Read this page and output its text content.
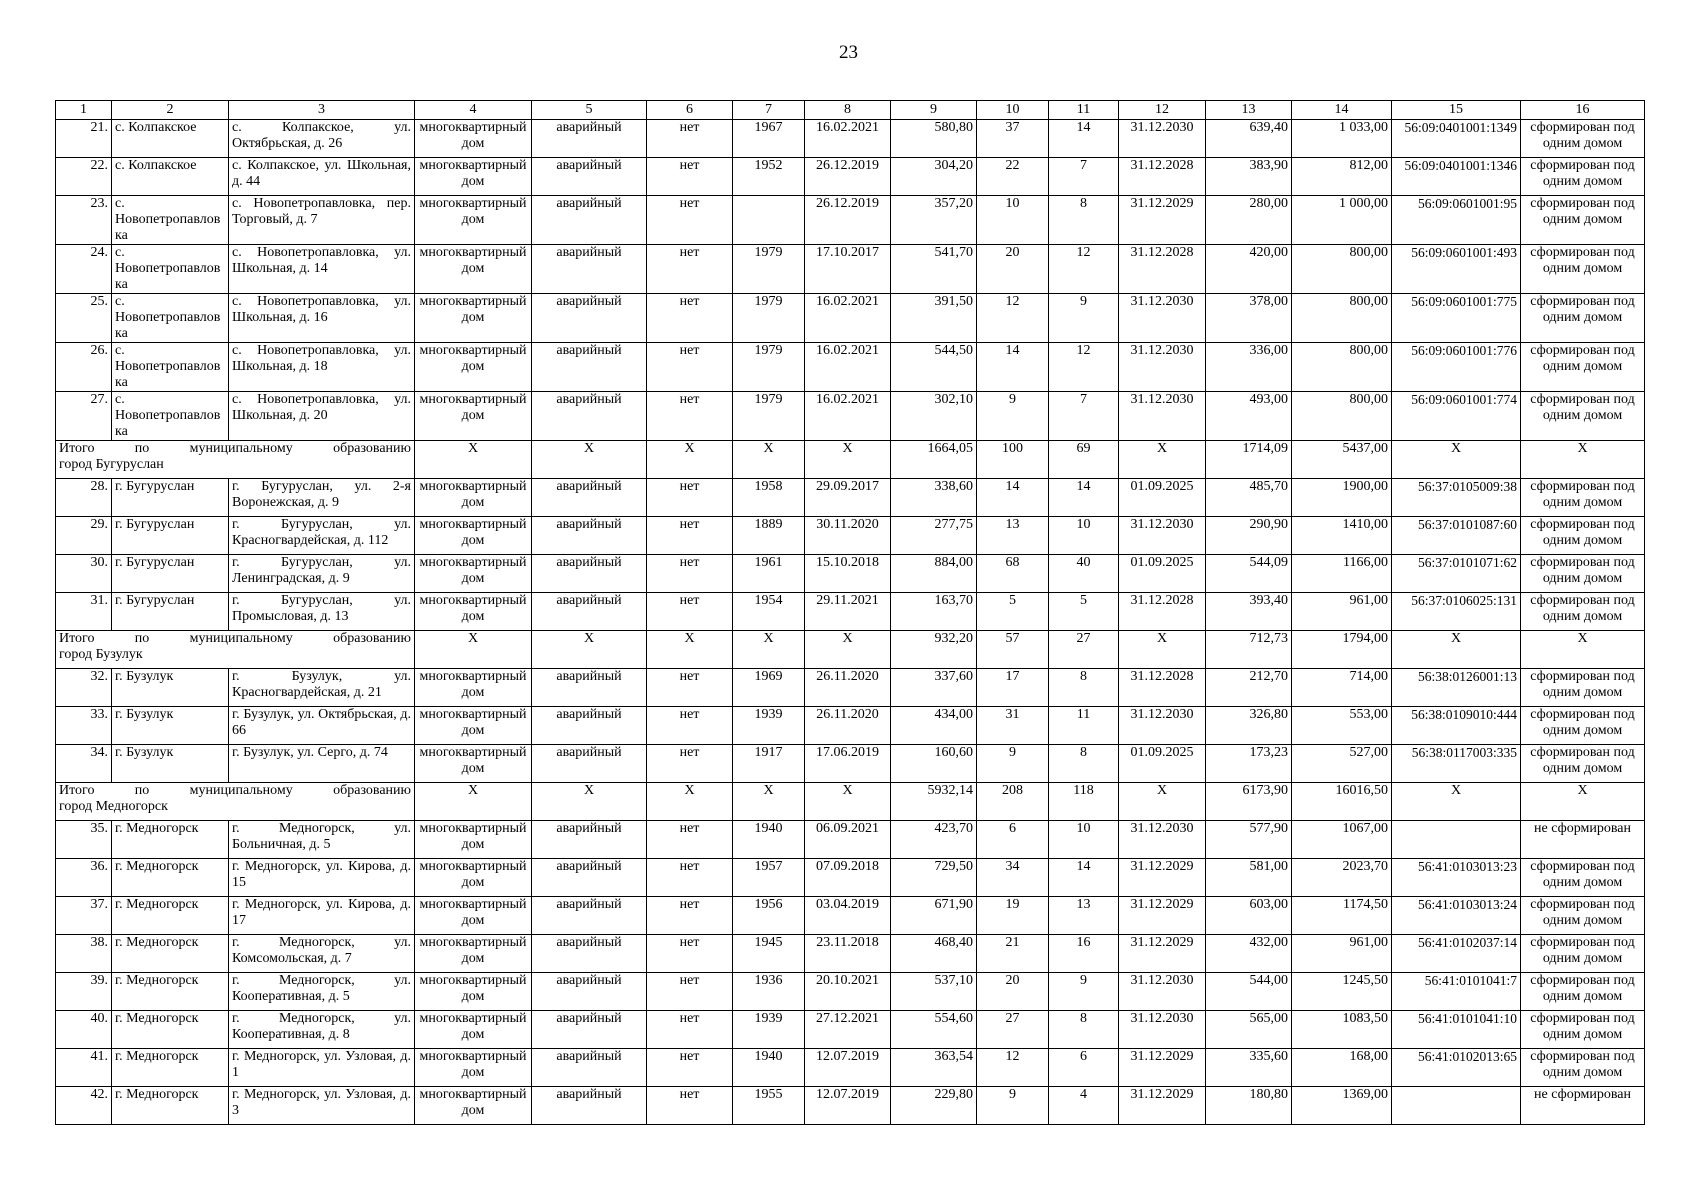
23
1	2	3	4	5	6	7	8	9	10	11	12	13	14	15	16
21.	с. Колпакское	с. Колпакское, ул. Октябрьская, д. 26	многоквартирный дом	аварийный	нет	1967	16.02.2021	580,80	37	14	31.12.2030	639,40	1 033,00	56:09:0401001:1349	сформирован под одним домом
22.	с. Колпакское	с. Колпакское, ул. Школьная, д. 44	многоквартирный дом	аварийный	нет	1952	26.12.2019	304,20	22	7	31.12.2028	383,90	812,00	56:09:0401001:1346	сформирован под одним домом
23.	с. Новопетропавловка	с. Новопетропавловка, пер. Торговый, д. 7	многоквартирный дом	аварийный	нет		26.12.2019	357,20	10	8	31.12.2029	280,00	1 000,00	56:09:0601001:95	сформирован под одним домом
24.	с. Новопетропавловка	с. Новопетропавловка, ул. Школьная, д. 14	многоквартирный дом	аварийный	нет	1979	17.10.2017	541,70	20	12	31.12.2028	420,00	800,00	56:09:0601001:493	сформирован под одним домом
25.	с. Новопетропавловка	с. Новопетропавловка, ул. Школьная, д. 16	многоквартирный дом	аварийный	нет	1979	16.02.2021	391,50	12	9	31.12.2030	378,00	800,00	56:09:0601001:775	сформирован под одним домом
26.	с. Новопетропавловка	с. Новопетропавловка, ул. Школьная, д. 18	многоквартирный дом	аварийный	нет	1979	16.02.2021	544,50	14	12	31.12.2030	336,00	800,00	56:09:0601001:776	сформирован под одним домом
27.	с. Новопетропавловка	с. Новопетропавловка, ул. Школьная, д. 20	многоквартирный дом	аварийный	нет	1979	16.02.2021	302,10	9	7	31.12.2030	493,00	800,00	56:09:0601001:774	сформирован под одним домом

Итого по муниципальному образованию
город Бугуруслан			X	X	X	X	X	1664,05	100	69	X	1714,09	5437,00	X	X
28.	г. Бугуруслан	г. Бугуруслан, ул. 2-я Воронежская, д. 9	многоквартирный дом	аварийный	нет	1958	29.09.2017	338,60	14	14	01.09.2025	485,70	1900,00	56:37:0105009:38	сформирован под одним домом
29.	г. Бугуруслан	г. Бугуруслан, ул. Красногвардейская, д. 112	многоквартирный дом	аварийный	нет	1889	30.11.2020	277,75	13	10	31.12.2030	290,90	1410,00	56:37:0101087:60	сформирован под одним домом
30.	г. Бугуруслан	г. Бугуруслан, ул. Ленинградская, д. 9	многоквартирный дом	аварийный	нет	1961	15.10.2018	884,00	68	40	01.09.2025	544,09	1166,00	56:37:0101071:62	сформирован под одним домом
31.	г. Бугуруслан	г. Бугуруслан, ул. Промысловая, д. 13	многоквартирный дом	аварийный	нет	1954	29.11.2021	163,70	5	5	31.12.2028	393,40	961,00	56:37:0106025:131	сформирован под одним домом

Итого по муниципальному образованию
город Бузулук			X	X	X	X	X	932,20	57	27	X	712,73	1794,00	X	X
32.	г. Бузулук	г. Бузулук, ул. Красногвардейская, д. 21	многоквартирный дом	аварийный	нет	1969	26.11.2020	337,60	17	8	31.12.2028	212,70	714,00	56:38:0126001:13	сформирован под одним домом
33.	г. Бузулук	г. Бузулук, ул. Октябрьская, д. 66	многоквартирный дом	аварийный	нет	1939	26.11.2020	434,00	31	11	31.12.2030	326,80	553,00	56:38:0109010:444	сформирован под одним домом
34.	г. Бузулук	г. Бузулук, ул. Серго, д. 74	многоквартирный дом	аварийный	нет	1917	17.06.2019	160,60	9	8	01.09.2025	173,23	527,00	56:38:0117003:335	сформирован под одним домом

Итого по муниципальному образованию
город Медногорск			X	X	X	X	X	5932,14	208	118	X	6173,90	16016,50	X	X
35.	г. Медногорск	г. Медногорск, ул. Больничная, д. 5	многоквартирный дом	аварийный	нет	1940	06.09.2021	423,70	6	10	31.12.2030	577,90	1067,00		не сформирован
36.	г. Медногорск	г. Медногорск, ул. Кирова, д. 15	многоквартирный дом	аварийный	нет	1957	07.09.2018	729,50	34	14	31.12.2029	581,00	2023,70	56:41:0103013:23	сформирован под одним домом
37.	г. Медногорск	г. Медногорск, ул. Кирова, д. 17	многоквартирный дом	аварийный	нет	1956	03.04.2019	671,90	19	13	31.12.2029	603,00	1174,50	56:41:0103013:24	сформирован под одним домом
38.	г. Медногорск	г. Медногорск, ул. Комсомольская, д. 7	многоквартирный дом	аварийный	нет	1945	23.11.2018	468,40	21	16	31.12.2029	432,00	961,00	56:41:0102037:14	сформирован под одним домом
39.	г. Медногорск	г. Медногорск, ул. Кооперативная, д. 5	многоквартирный дом	аварийный	нет	1936	20.10.2021	537,10	20	9	31.12.2030	544,00	1245,50	56:41:0101041:7	сформирован под одним домом
40.	г. Медногорск	г. Медногорск, ул. Кооперативная, д. 8	многоквартирный дом	аварийный	нет	1939	27.12.2021	554,60	27	8	31.12.2030	565,00	1083,50	56:41:0101041:10	сформирован под одним домом
41.	г. Медногорск	г. Медногорск, ул. Узловая, д. 1	многоквартирный дом	аварийный	нет	1940	12.07.2019	363,54	12	6	31.12.2029	335,60	168,00	56:41:0102013:65	сформирован под одним домом
42.	г. Медногорск	г. Медногорск, ул. Узловая, д. 3	многоквартирный дом	аварийный	нет	1955	12.07.2019	229,80	9	4	31.12.2029	180,80	1369,00		не сформирован
